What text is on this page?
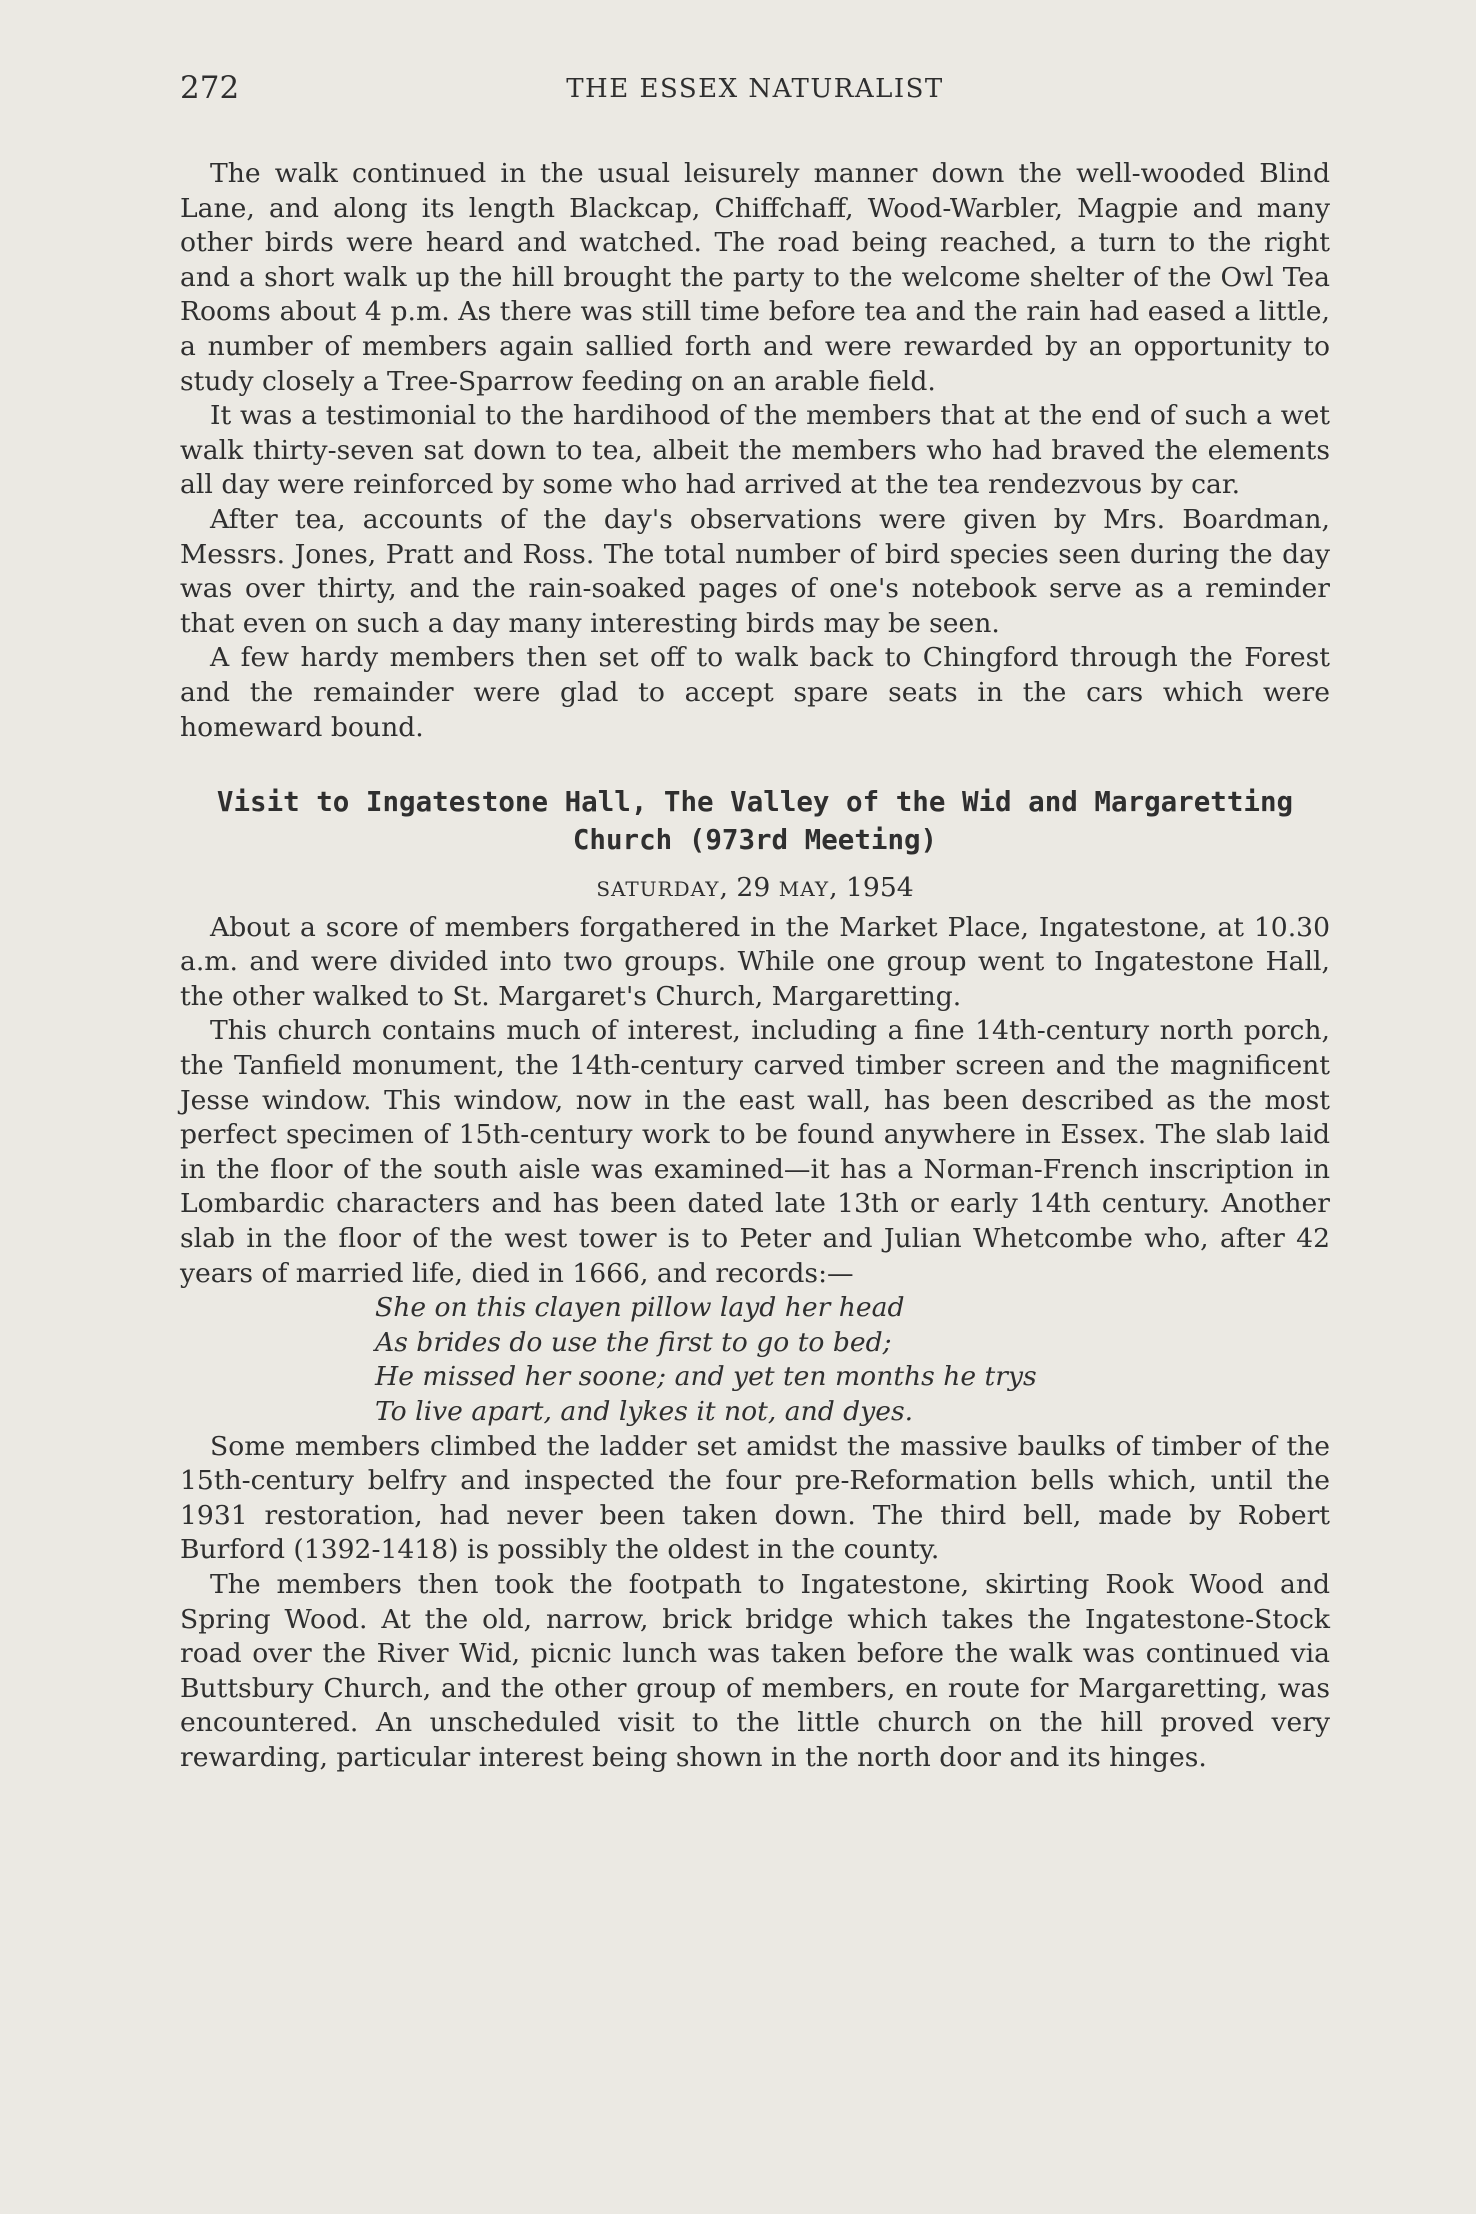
272	THE ESSEX NATURALIST

The walk continued in the usual leisurely manner down the well-wooded Blind Lane, and along its length Blackcap, Chiffchaff, Wood-Warbler, Magpie and many other birds were heard and watched. The road being reached, a turn to the right and a short walk up the hill brought the party to the welcome shelter of the Owl Tea Rooms about 4 p.m. As there was still time before tea and the rain had eased a little, a number of members again sallied forth and were rewarded by an opportunity to study closely a Tree-Sparrow feeding on an arable field.

It was a testimonial to the hardihood of the members that at the end of such a wet walk thirty-seven sat down to tea, albeit the members who had braved the elements all day were reinforced by some who had arrived at the tea rendezvous by car.

After tea, accounts of the day's observations were given by Mrs. Boardman, Messrs. Jones, Pratt and Ross. The total number of bird species seen during the day was over thirty, and the rain-soaked pages of one's notebook serve as a reminder that even on such a day many interesting birds may be seen.

A few hardy members then set off to walk back to Chingford through the Forest and the remainder were glad to accept spare seats in the cars which were homeward bound.

Visit to Ingatestone Hall, The Valley of the Wid and Margaretting
Church (973rd Meeting)
SATURDAY, 29 MAY, 1954

About a score of members forgathered in the Market Place, Ingatestone, at 10.30 a.m. and were divided into two groups. While one group went to Ingatestone Hall, the other walked to St. Margaret's Church, Margaretting.

This church contains much of interest, including a fine 14th-century north porch, the Tanfield monument, the 14th-century carved timber screen and the magnificent Jesse window. This window, now in the east wall, has been described as the most perfect specimen of 15th-century work to be found anywhere in Essex. The slab laid in the floor of the south aisle was examined—it has a Norman-French inscription in Lombardic characters and has been dated late 13th or early 14th century. Another slab in the floor of the west tower is to Peter and Julian Whetcombe who, after 42 years of married life, died in 1666, and records:—

She on this clayen pillow layd her head
As brides do use the first to go to bed;
He missed her soone; and yet ten months he trys
To live apart, and lykes it not, and dyes.

Some members climbed the ladder set amidst the massive baulks of timber of the 15th-century belfry and inspected the four pre-Reformation bells which, until the 1931 restoration, had never been taken down. The third bell, made by Robert Burford (1392-1418) is possibly the oldest in the county.

The members then took the footpath to Ingatestone, skirting Rook Wood and Spring Wood. At the old, narrow, brick bridge which takes the Ingatestone-Stock road over the River Wid, picnic lunch was taken before the walk was continued via Buttsbury Church, and the other group of members, en route for Margaretting, was encountered. An unscheduled visit to the little church on the hill proved very rewarding, particular interest being shown in the north door and its hinges.
